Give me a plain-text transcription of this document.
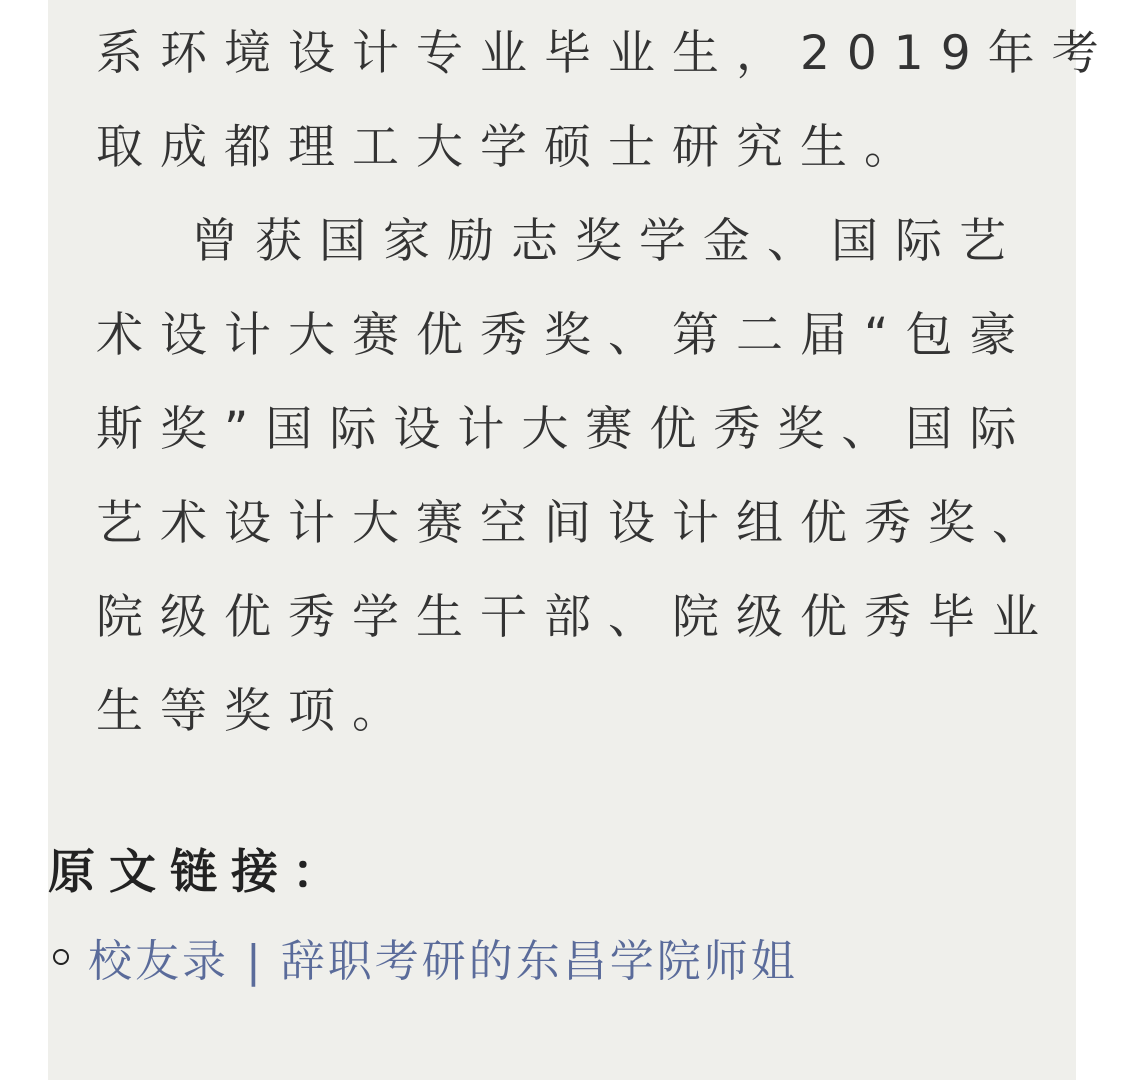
系环境设计专业毕业生，2019年考
取成都理工大学硕士研究生。
曾获国家励志奖学金、国际艺
术设计大赛优秀奖、第二届“包豪
斯奖”国际设计大赛优秀奖、国际
艺术设计大赛空间设计组优秀奖、
院级优秀学生干部、院级优秀毕业
生等奖项。
原文链接：
校友录 | 辞职考研的东昌学院师姐
